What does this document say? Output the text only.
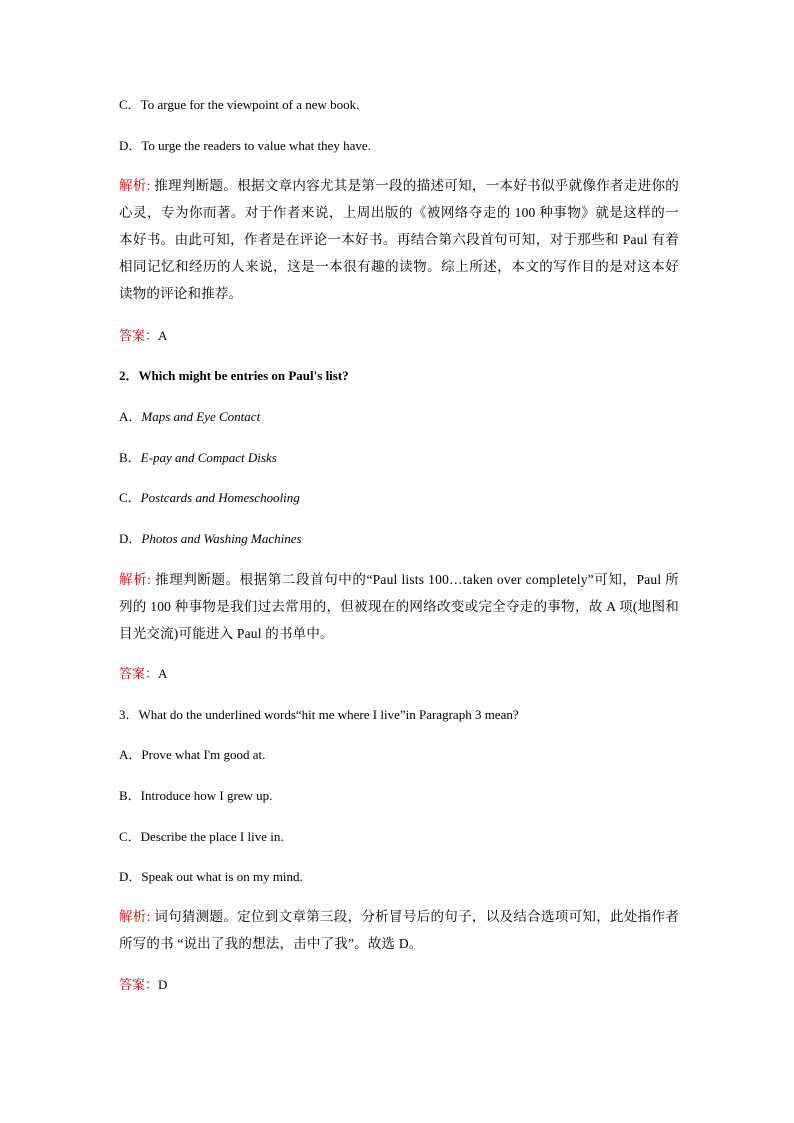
C．To argue for the viewpoint of a new book.
D．To urge the readers to value what they have.
解析: 推理判断题。根据文章内容尤其是第一段的描述可知，一本好书似乎就像作者走进你的心灵，专为你而著。对于作者来说，上周出版的《被网络夺走的 100 种事物》就是这样的一本好书。由此可知，作者是在评论一本好书。再结合第六段首句可知，对于那些和 Paul 有着相同记忆和经历的人来说，这是一本很有趣的读物。综上所述，本文的写作目的是对这本好读物的评论和推荐。
答案：A
2．Which might be entries on Paul's list?
A．Maps and Eye Contact
B．E-pay and Compact Disks
C．Postcards and Homeschooling
D．Photos and Washing Machines
解析: 推理判断题。根据第二段首句中的“Paul lists 100…taken over completely”可知，Paul 所列的 100 种事物是我们过去常用的，但被现在的网络改变或完全夺走的事物，故 A 项(地图和目光交流)可能进入 Paul 的书单中。
答案：A
3．What do the underlined words“hit me where I live”in Paragraph 3 mean?
A．Prove what I'm good at.
B．Introduce how I grew up.
C．Describe the place I live in.
D．Speak out what is on my mind.
解析: 词句猜测题。定位到文章第三段，分析冒号后的句子，以及结合选项可知，此处指作者所写的书 “说出了我的想法，击中了我”。故选 D。
答案：D
